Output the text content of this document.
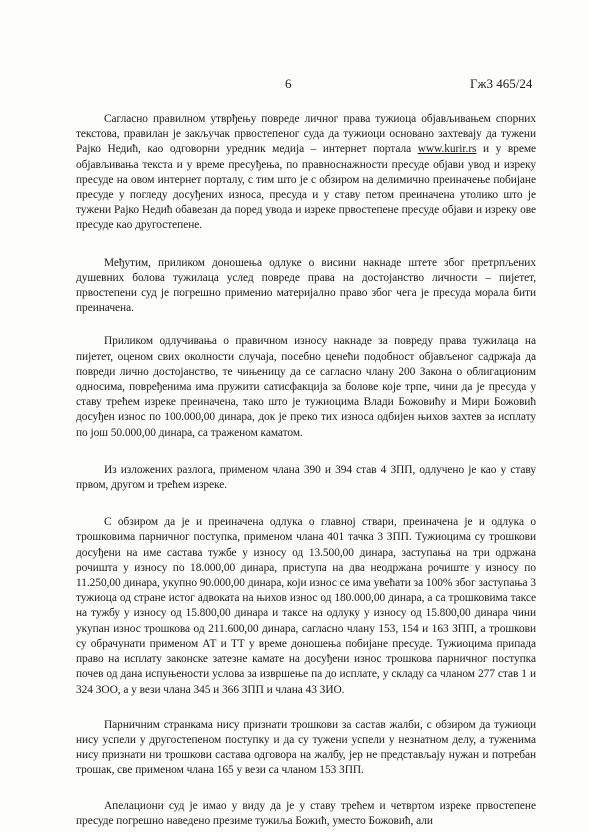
6	Гж3 465/24

Сагласно правилном утврђењу повреде личног права тужиоца објављивањем спорних текстова, правилан је закључак првостепеног суда да тужиоци основано захтевају да тужени Рајко Недић, као одговорни уредник медија – интернет портала www.kurir.rs и у време објављивања текста и у време пресуђења, по правноснажности пресуде објави увод и изреку пресуде на овом интернет порталу, с тим што је с обзиром на делимично преиначење побијане пресуде у погледу досуђених износа, пресуда и у ставу петом преиначена утолико што је тужени Рајко Недић обавезан да поред увода и изреке првостепене пресуде објави и изреку ове пресуде као другостепене.

Међутим, приликом доношења одлуке о висини накнаде штете због претрпљених душевних болова тужилаца услед повреде права на достојанство личности – пијетет, првостепени суд је погрешно применио материјално право због чега је пресуда морала бити преиначена.

Приликом одлучивања о правичном износу накнаде за повреду права тужилаца на пијетет, оценом свих околности случаја, посебно ценећи подобност објављеног садржаја да повреди лично достојанство, те чињеницу да се сагласно члану 200 Закона о облигационим односима, повређенима има пружити сатисфакција за болове које трпе, чини да је пресуда у ставу трећем изреке преиначена, тако што је тужиоцима Влади Божовићу и Мири Божовић досуђен износ по 100.000,00 динара, док је преко тих износа одбијен њихов захтев за исплату по још 50.000,00 динара, са траженом каматом.

Из изложених разлога, применом члана 390 и 394 став 4 ЗПП, одлучено је као у ставу првом, другом и трећем изреке.

С обзиром да је и преиначена одлука о главној ствари, преиначена је и одлука о трошковима парничног поступка, применом члана 401 тачка 3 ЗПП. Тужиоцима су трошкови досуђени на име састава тужбе у износу од 13.500,00 динара, заступања на три одржана рочишта у износу по 18.000,00 динара, приступа на два неодржана рочиште у износу по 11.250,00 динара, укупно 90.000,00 динара, који износ се има увећати за 100% због заступања 3 тужиоца од стране истог адвоката на њихов износ од 180.000,00 динара, а са трошковима таксе на тужбу у износу од 15.800,00 динара и таксе на одлуку у износу од 15.800,00 динара чини укупан износ трошкова од 211.600,00 динара, сагласно члану 153, 154 и 163 ЗПП, а трошкови су обрачунати применом АТ и ТТ у време доношења побијане пресуде. Тужиоцима припада право на исплату законске затезне камате на досуђени износ трошкова парничног поступка почев од дана испуњености услова за извршење па до исплате, у складу са чланом 277 став 1 и 324 ЗОО, а у вези члана 345 и 366 ЗПП и члана 43 ЗИО.

Парничним странкама нису признати трошкови за састав жалби, с обзиром да тужиоци нису успели у другостепеном поступку и да су тужени успели у незнатном делу, а туженима нису признати ни трошкови састава одговора на жалбу, јер не представљају нужан и потребан трошак, све применом члана 165 у вези са чланом 153 ЗПП.

Апелациони суд је имао у виду да је у ставу трећем и четвртом изреке првостепене пресуде погрешно наведено презиме тужиља Божић, уместо Божовић, али
